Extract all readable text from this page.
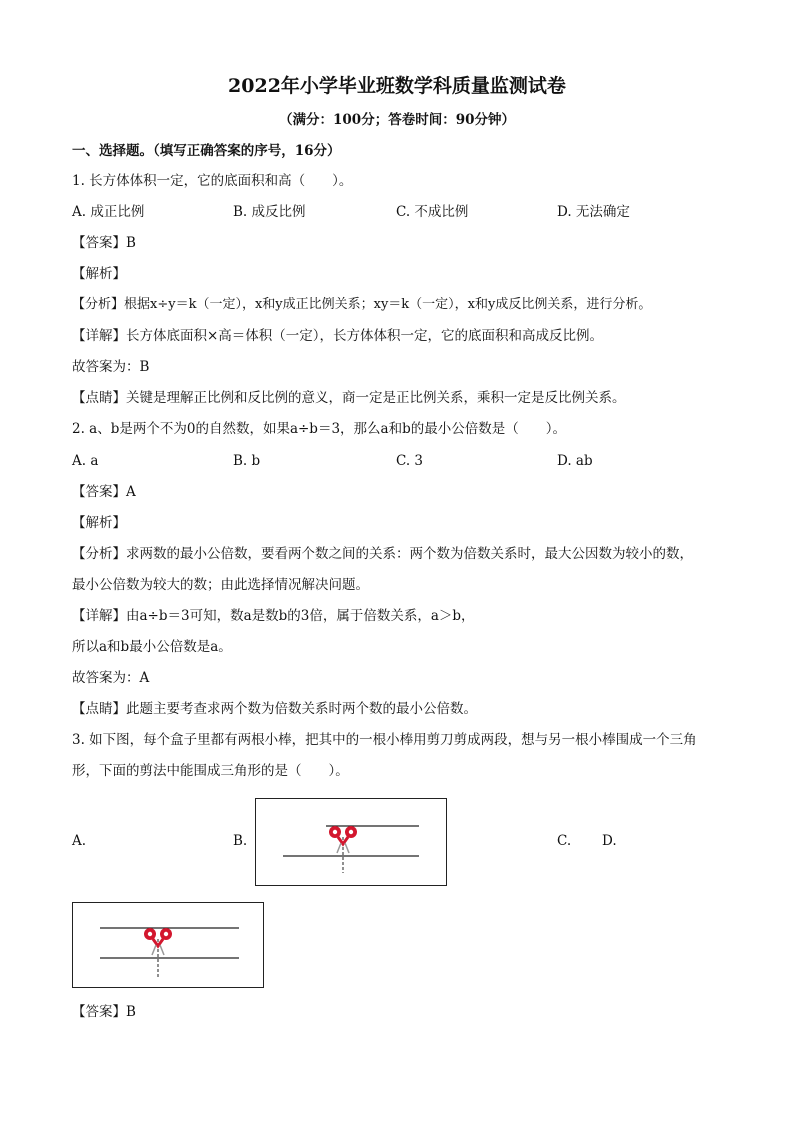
2022年小学毕业班数学科质量监测试卷
（满分：100分；答卷时间：90分钟）
一、选择题。（填写正确答案的序号，16分）
1. 长方体体积一定，它的底面积和高（　　）。
A. 成正比例	B. 成反比例	C. 不成比例	D. 无法确定
【答案】B
【解析】
【分析】根据x÷y＝k（一定），x和y成正比例关系；xy＝k（一定），x和y成反比例关系，进行分析。
【详解】长方体底面积×高＝体积（一定），长方体体积一定，它的底面积和高成反比例。
故答案为：B
【点睛】关键是理解正比例和反比例的意义，商一定是正比例关系，乘积一定是反比例关系。
2. a、b是两个不为0的自然数，如果a÷b＝3，那么a和b的最小公倍数是（　　）。
A. a	B. b	C. 3	D. ab
【答案】A
【解析】
【分析】求两数的最小公倍数，要看两个数之间的关系：两个数为倍数关系时，最大公因数为较小的数，
最小公倍数为较大的数；由此选择情况解决问题。
【详解】由a÷b＝3可知，数a是数b的3倍，属于倍数关系，a＞b，
所以a和b最小公倍数是a。
故答案为：A
【点睛】此题主要考查求两个数为倍数关系时两个数的最小公倍数。
3. 如下图，每个盒子里都有两根小棒，把其中的一根小棒用剪刀剪成两段，想与另一根小棒围成一个三角
形，下面的剪法中能围成三角形的是（　　）。
A.	B.	C. D.
【答案】B
